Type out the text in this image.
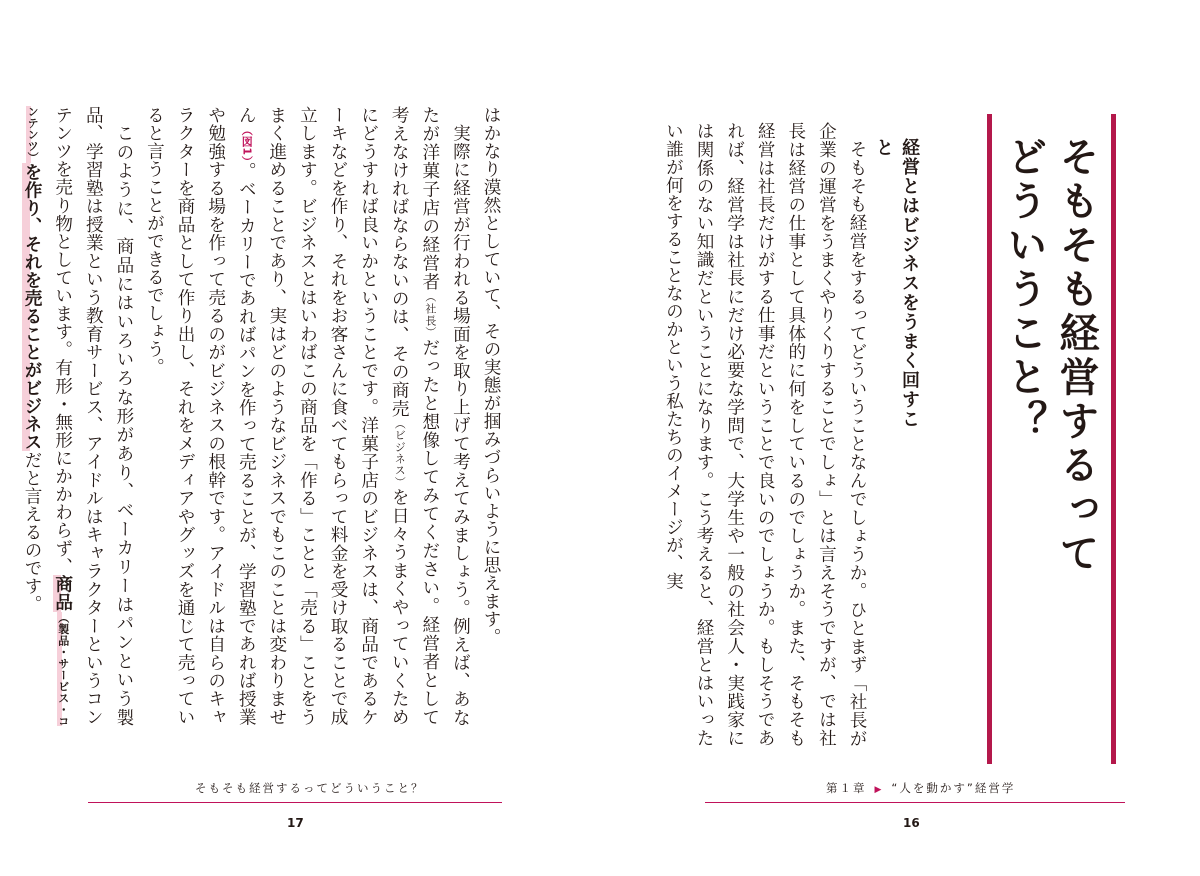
はかなり漠然としていて、その実態が掴みづらいように思えます。

実際に経営が行われる場面を取り上げて考えてみましょう。例えば、あなたが洋菓子店の経営者（社長）だったと想像してみてください。経営者として考えなければならないのは、その商売（ビジネス）を日々うまくやっていくためにどうすれば良いかということです。洋菓子店のビジネスは、商品であるケーキなどを作り、それをお客さんに食べてもらって料金を受け取ることで成立します。ビジネスとはいわばこの商品を「作る」ことと「売る」ことをうまく進めることであり、実はどのようなビジネスでもこのことは変わりません（図1）。ベーカリーであればパンを作って売ることが、学習塾であれば授業や勉強する場を作って売るのがビジネスの根幹です。アイドルは自らのキャラクターを商品として作り出し、それをメディアやグッズを通じて売っていると言うことができるでしょう。

このように、商品にはいろいろな形があり、ベーカリーはパンという製品、学習塾は授業という教育サービス、アイドルはキャラクターというコンテンツを売り物としています。有形・無形にかかわらず、商品（製品・サービス・コンテンツ）を作り、それを売ることがビジネスだと言えるのです。

そもそも経営するってどういうこと？
17
そもそも経営するって
どういうこと？
経営とはビジネスをうまく回すこと

そもそも経営をするってどういうことなんでしょうか。ひとまず「社長が企業の運営をうまくやりくりすることでしょ」とは言えそうですが、では社長は経営の仕事として具体的に何をしているのでしょうか。また、そもそも経営は社長だけがする仕事だということで良いのでしょうか。もしそうであれば、経営学は社長にだけ必要な学問で、大学生や一般の社会人・実践家には関係のない知識だということになります。こう考えると、経営とはいったい誰が何をすることなのかという私たちのイメージが、実

第１章 ▶ “人を動かす”経営学
16
